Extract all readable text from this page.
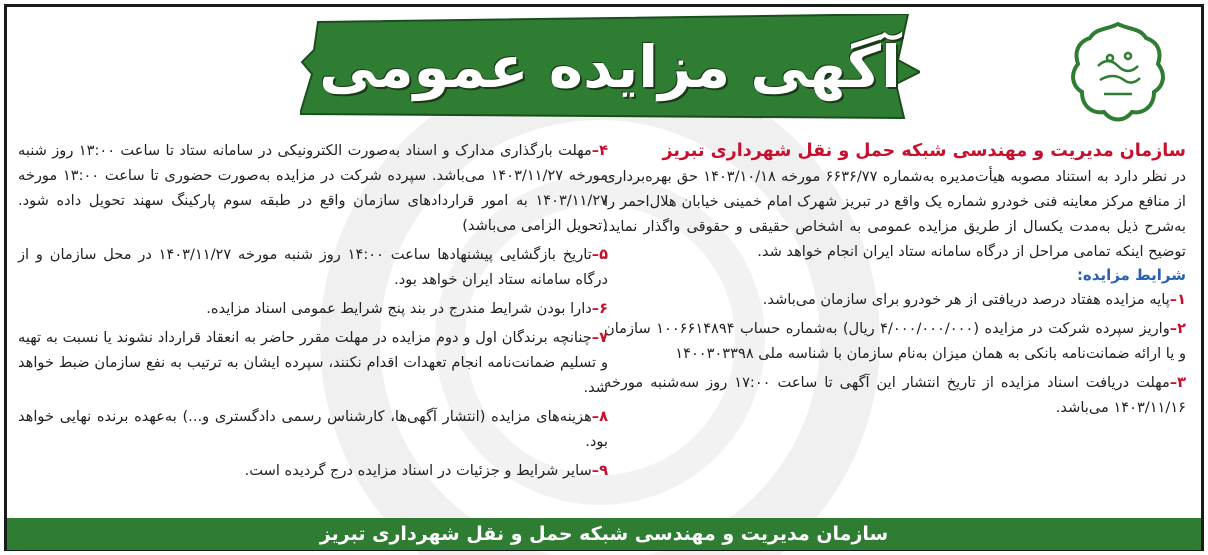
آگهی مزایده عمومی

سازمان مدیریت و مهندسی شبکه حمل و نقل شهرداری تبریز

در نظر دارد به استناد مصوبه هیأت‌مدیره به‌شماره ۶۶۳۶/۷۷ مورخه ۱۴۰۳/۱۰/۱۸ حق بهره‌برداری از منافع مرکز معاینه فنی خودرو شماره یک واقع در تبریز شهرک امام خمینی خیابان هلال‌احمر را به‌شرح ذیل به‌مدت یکسال از طریق مزایده عمومی به اشخاص حقیقی و حقوقی واگذار نماید. توضیح اینکه تمامی مراحل از درگاه سامانه ستاد ایران انجام خواهد شد.

شرایط مزایده:

۱–پایه مزایده هفتاد درصد دریافتی از هر خودرو برای سازمان می‌باشد.

۲–واریز سپرده شرکت در مزایده (۴/۰۰۰/۰۰۰/۰۰۰ ریال) به‌شماره حساب ۱۰۰۶۶۱۴۸۹۴ سازمان و یا ارائه ضمانت‌نامه بانکی به همان میزان به‌نام سازمان با شناسه ملی ۱۴۰۰۳۰۳۳۹۸

۳–مهلت دریافت اسناد مزایده از تاریخ انتشار این آگهی تا ساعت ۱۷:۰۰ روز سه‌شنبه مورخه ۱۴۰۳/۱۱/۱۶ می‌باشد.

۴–مهلت بارگذاری مدارک و اسناد به‌صورت الکترونیکی در سامانه ستاد تا ساعت ۱۳:۰۰ روز شنبه مورخه ۱۴۰۳/۱۱/۲۷ می‌باشد. سپرده شرکت در مزایده به‌صورت حضوری تا ساعت ۱۳:۰۰ مورخه ۱۴۰۳/۱۱/۲۷ به امور قراردادهای سازمان واقع در طبقه سوم پارکینگ سهند تحویل داده شود. (تحویل الزامی می‌باشد)

۵–تاریخ بازگشایی پیشنهادها ساعت ۱۴:۰۰ روز شنبه مورخه ۱۴۰۳/۱۱/۲۷ در محل سازمان و از درگاه سامانه ستاد ایران خواهد بود.

۶–دارا بودن شرایط مندرج در بند پنج شرایط عمومی اسناد مزایده.

۷–چنانچه برندگان اول و دوم مزایده در مهلت مقرر حاضر به انعقاد قرارداد نشوند یا نسبت به تهیه و تسلیم ضمانت‌نامه انجام تعهدات اقدام نکنند، سپرده ایشان به ترتیب به نفع سازمان ضبط خواهد شد.

۸–هزینه‌های مزایده (انتشار آگهی‌ها، کارشناس رسمی دادگستری و...) به‌عهده برنده نهایی خواهد بود.

۹–سایر شرایط و جزئیات در اسناد مزایده درج گردیده است.

سازمان مدیریت و مهندسی شبکه حمل و نقل شهرداری تبریز
